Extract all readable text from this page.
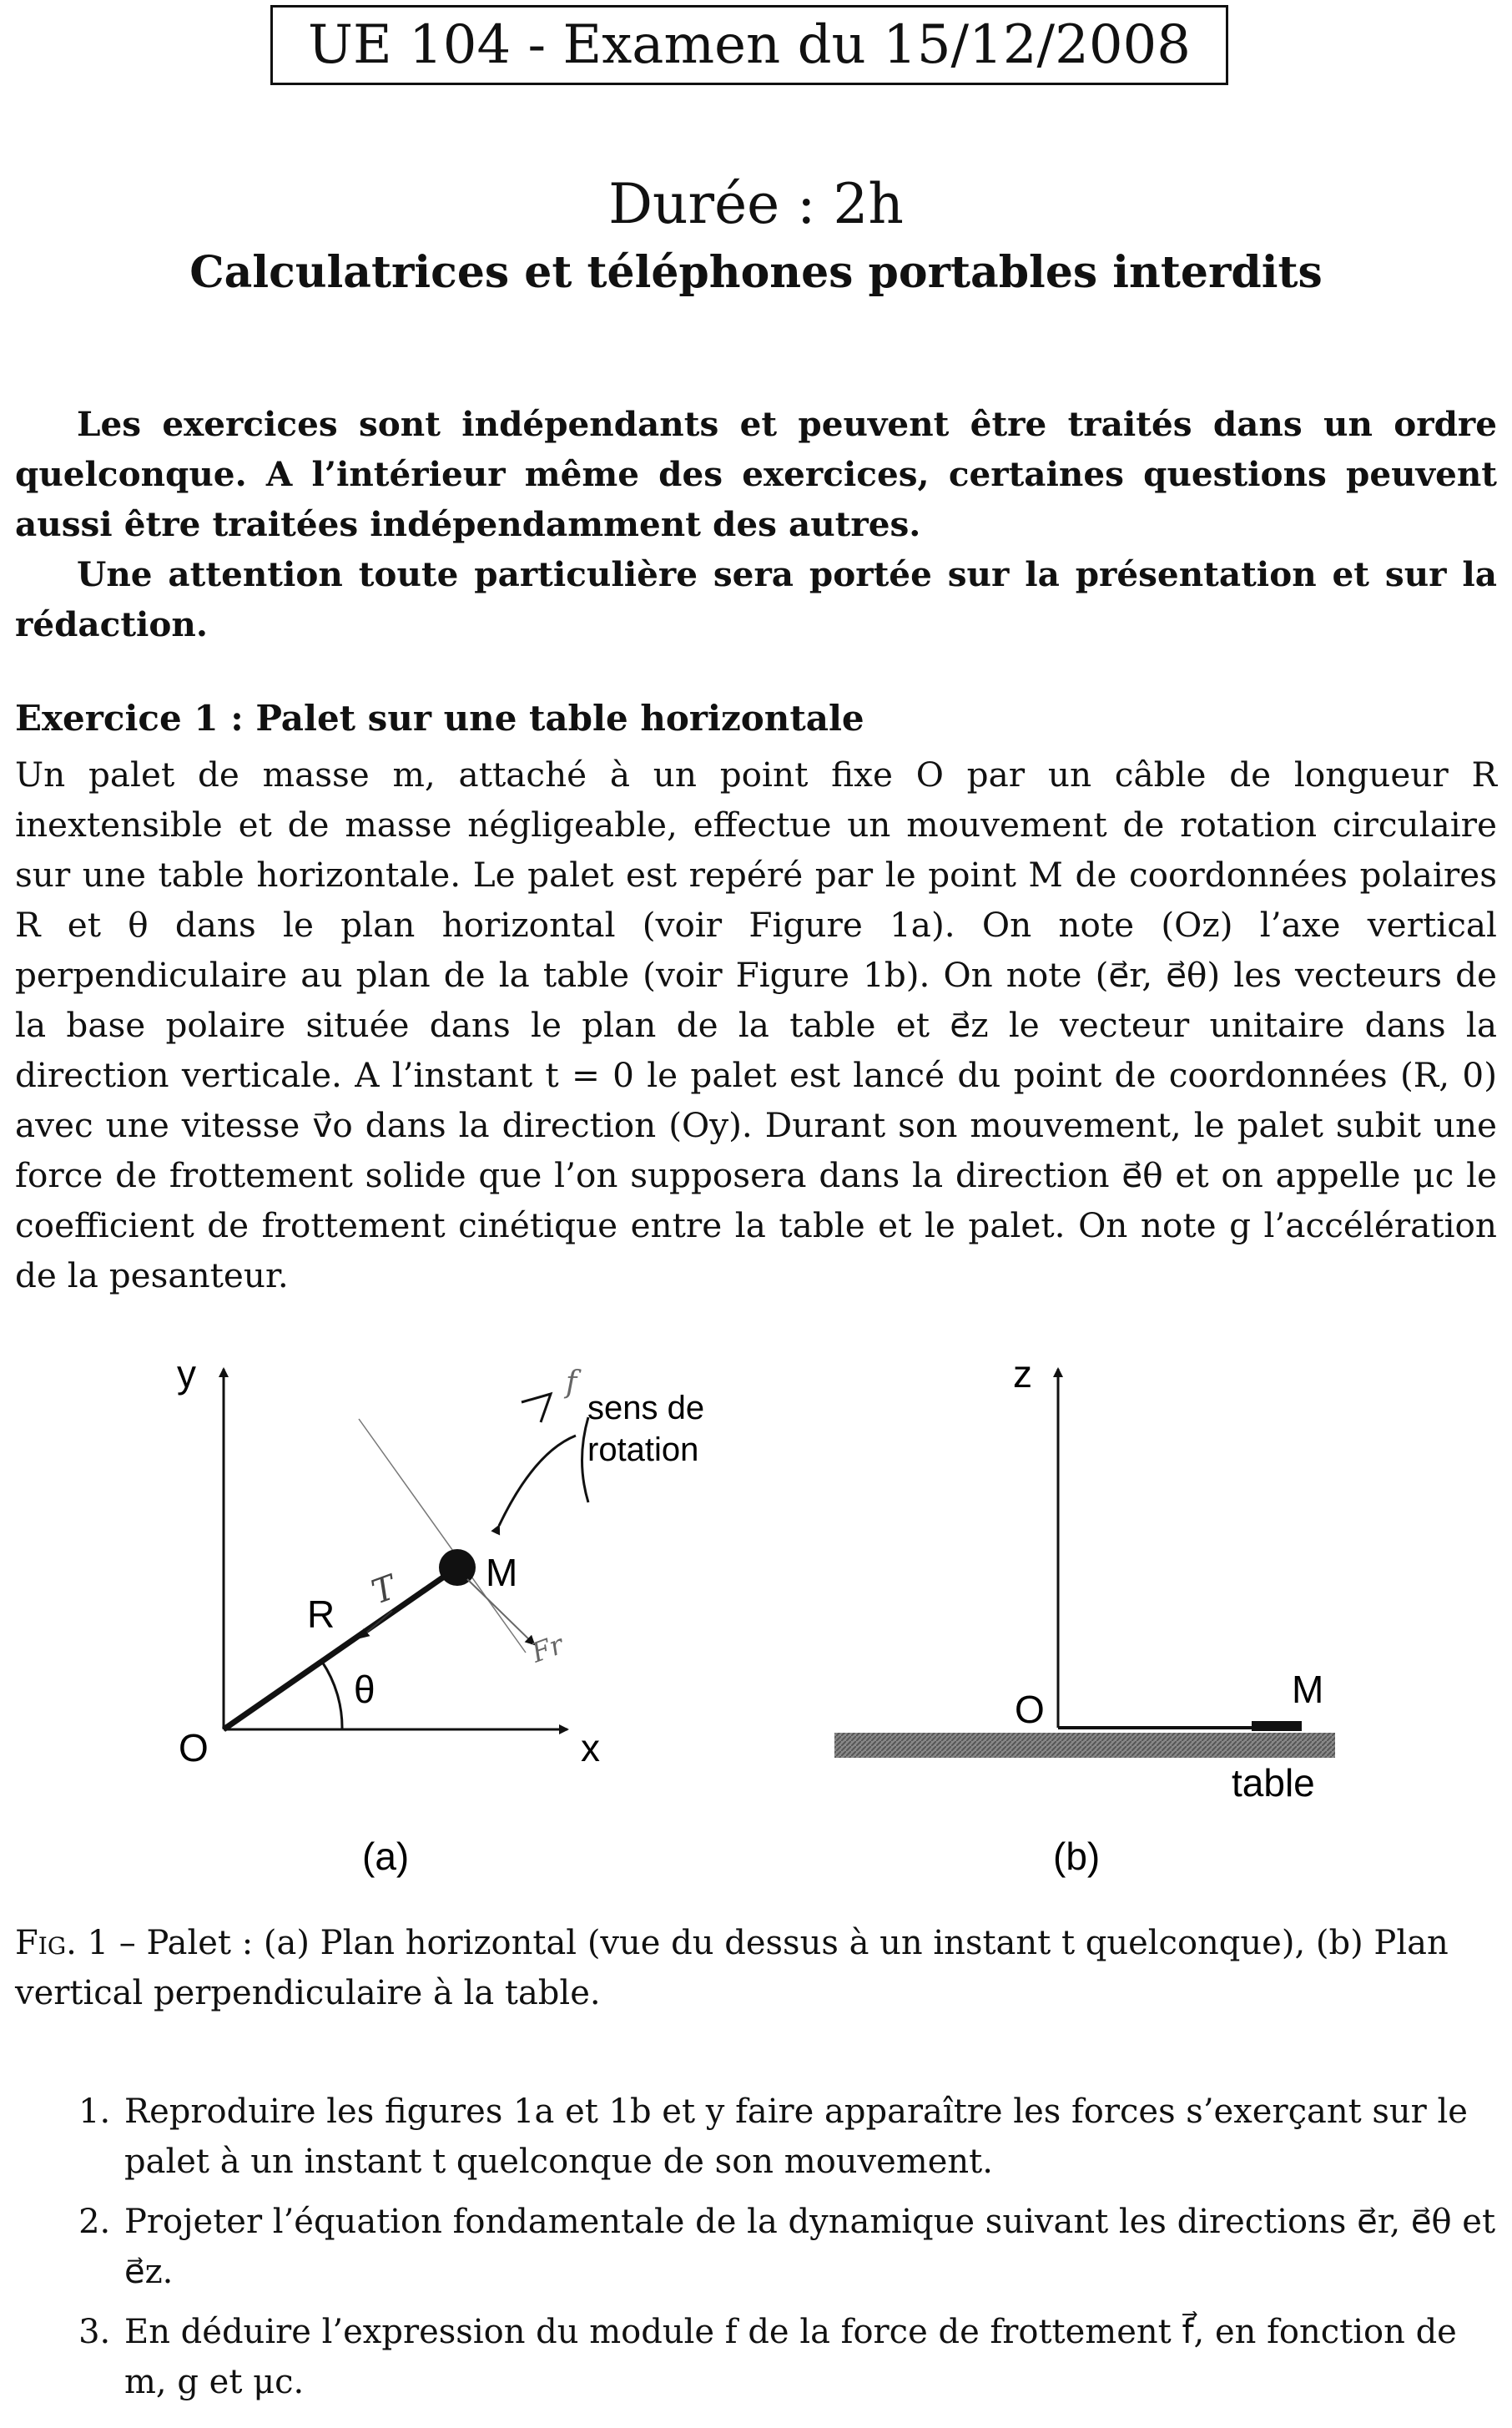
UE 104 - Examen du 15/12/2008
Durée : 2h
Calculatrices et téléphones portables interdits
Les exercices sont indépendants et peuvent être traités dans un ordre quelconque. A l’intérieur même des exercices, certaines questions peuvent aussi être traitées indépendamment des autres.
Une attention toute particulière sera portée sur la présentation et sur la rédaction.
Exercice 1 : Palet sur une table horizontale
Un palet de masse m, attaché à un point fixe O par un câble de longueur R inextensible et de masse négligeable, effectue un mouvement de rotation circulaire sur une table horizontale. Le palet est repéré par le point M de coordonnées polaires R et θ dans le plan horizontal (voir Figure 1a). On note (Oz) l’axe vertical perpendiculaire au plan de la table (voir Figure 1b). On note (e⃗r, e⃗θ) les vecteurs de la base polaire située dans le plan de la table et e⃗z le vecteur unitaire dans la direction verticale. A l’instant t = 0 le palet est lancé du point de coordonnées (R, 0) avec une vitesse v⃗o dans la direction (Oy). Durant son mouvement, le palet subit une force de frottement solide que l’on supposera dans la direction e⃗θ et on appelle μc le coefficient de frottement cinétique entre la table et le palet. On note g l’accélération de la pesanteur.
y
x
O
M
R
θ
sens de
rotation
(a)
T
f
Fr
z
O	M
table
(b)
Fig. 1 – Palet : (a) Plan horizontal (vue du dessus à un instant t quelconque), (b) Plan vertical perpendiculaire à la table.
1. Reproduire les figures 1a et 1b et y faire apparaître les forces s’exerçant sur le palet à un instant t quelconque de son mouvement.
2. Projeter l’équation fondamentale de la dynamique suivant les directions e⃗r, e⃗θ et e⃗z.
3. En déduire l’expression du module f de la force de frottement f⃗, en fonction de m, g et μc.
